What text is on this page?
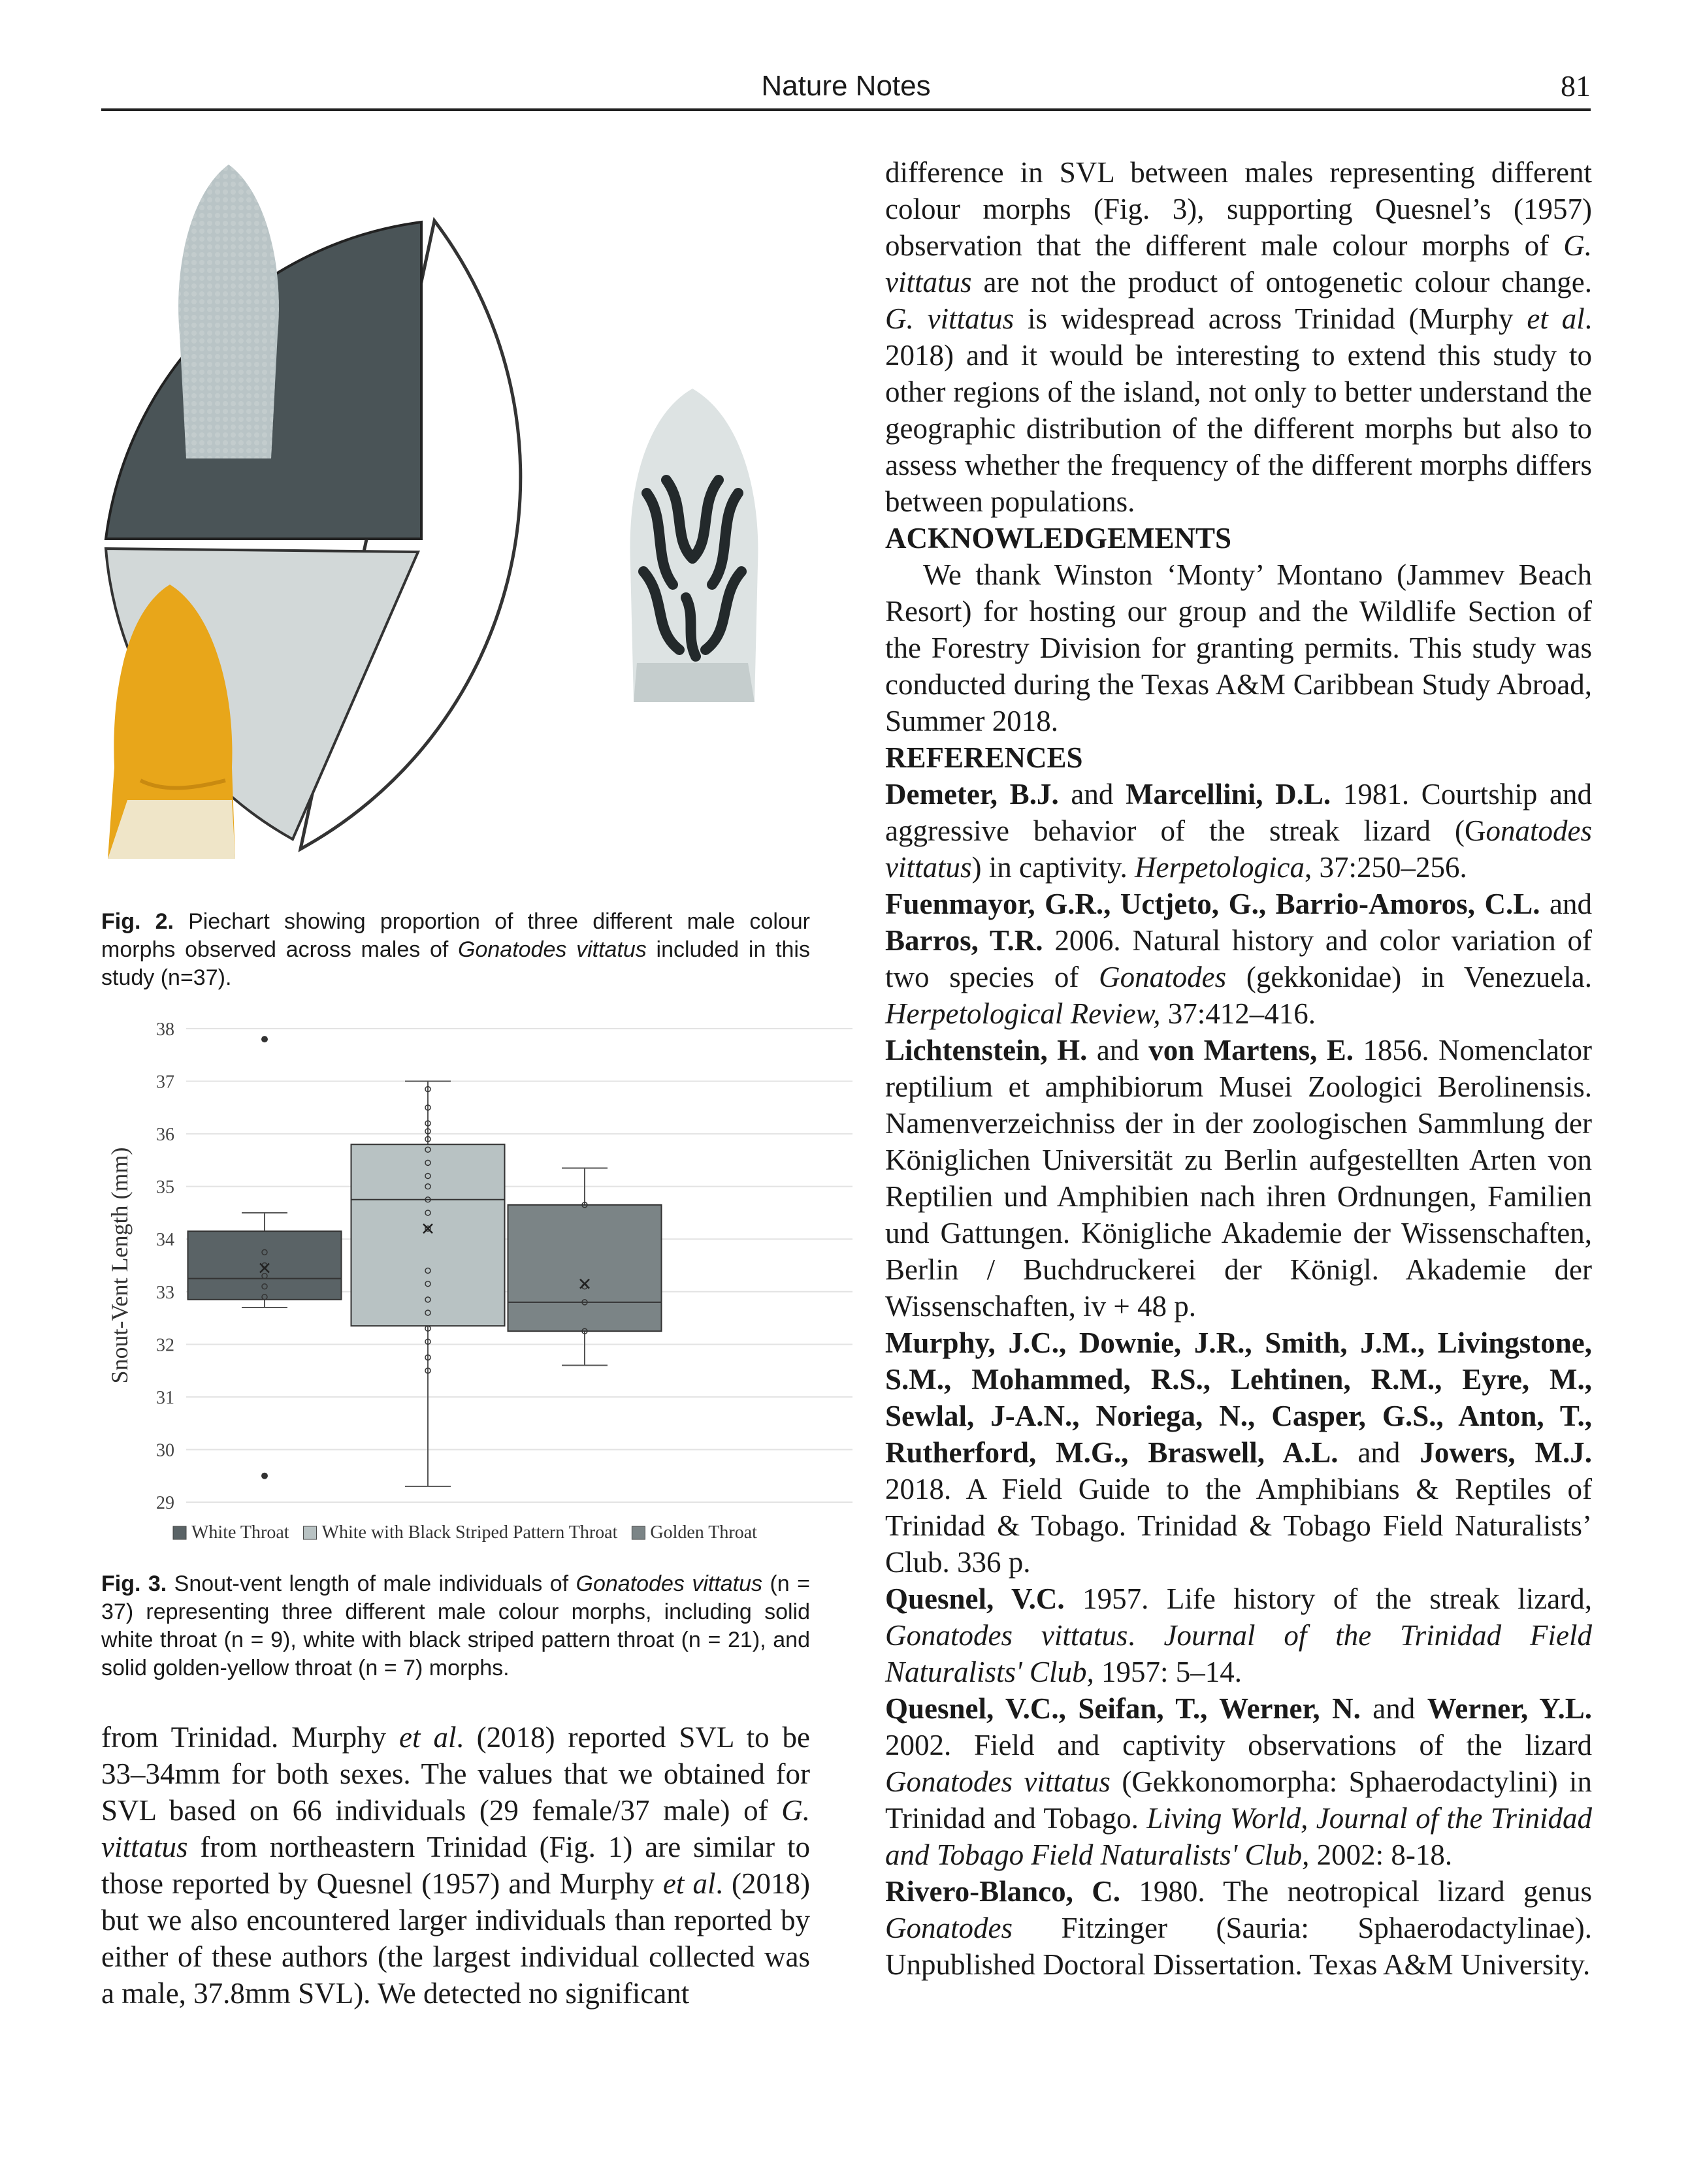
Nature Notes	81
Fig. 2. Piechart showing proportion of three different male colour morphs observed across males of Gonatodes vittatus included in this study (n=37).
29
30
31
32
33
34
35
36
37
38
Snout-Vent Length (mm)
White Throat White with Black Striped Pattern Throat Golden Throat
Fig. 3. Snout-vent length of male individuals of Gonatodes vittatus (n = 37) representing three different male colour morphs, including solid white throat (n = 9), white with black striped pattern throat (n = 21), and solid golden-yellow throat (n = 7) morphs.

from Trinidad. Murphy et al. (2018) reported SVL to be 33–34mm for both sexes. The values that we obtained for SVL based on 66 individuals (29 female/37 male) of G. vittatus from northeastern Trinidad (Fig. 1) are similar to those reported by Quesnel (1957) and Murphy et al. (2018) but we also encountered larger individuals than reported by either of these authors (the largest individual collected was a male, 37.8mm SVL). We detected no significant

difference in SVL between males representing different colour morphs (Fig. 3), supporting Quesnel’s (1957) observation that the different male colour morphs of G. vittatus are not the product of ontogenetic colour change. G. vittatus is widespread across Trinidad (Murphy et al. 2018) and it would be interesting to extend this study to other regions of the island, not only to better understand the geographic distribution of the different morphs but also to assess whether the frequency of the different morphs differs between populations.

ACKNOWLEDGEMENTS

We thank Winston ‘Monty’ Montano (Jammev Beach Resort) for hosting our group and the Wildlife Section of the Forestry Division for granting permits. This study was conducted during the Texas A&M Caribbean Study Abroad, Summer 2018.

REFERENCES

Demeter, B.J. and Marcellini, D.L. 1981. Courtship and aggressive behavior of the streak lizard (Gonatodes vittatus) in captivity. Herpetologica, 37:250–256.

Fuenmayor, G.R., Uctjeto, G., Barrio-Amoros, C.L. and Barros, T.R. 2006. Natural history and color variation of two species of Gonatodes (gekkonidae) in Venezuela. Herpetological Review, 37:412–416.

Lichtenstein, H. and von Martens, E. 1856. Nomenclator reptilium et amphibiorum Musei Zoologici Berolinensis. Namenverzeichniss der in der zoologischen Sammlung der Königlichen Universität zu Berlin aufgestellten Arten von Reptilien und Amphibien nach ihren Ordnungen, Familien und Gattungen. Königliche Akademie der Wissenschaften, Berlin / Buchdruckerei der Königl. Akademie der Wissenschaften, iv + 48 p.

Murphy, J.C., Downie, J.R., Smith, J.M., Livingstone, S.M., Mohammed, R.S., Lehtinen, R.M., Eyre, M., Sewlal, J-A.N., Noriega, N., Casper, G.S., Anton, T., Rutherford, M.G., Braswell, A.L. and Jowers, M.J. 2018. A Field Guide to the Amphibians & Reptiles of Trinidad & Tobago. Trinidad & Tobago Field Naturalists’ Club. 336 p.

Quesnel, V.C. 1957. Life history of the streak lizard, Gonatodes vittatus. Journal of the Trinidad Field Naturalists' Club, 1957: 5–14.

Quesnel, V.C., Seifan, T., Werner, N. and Werner, Y.L. 2002. Field and captivity observations of the lizard Gonatodes vittatus (Gekkonomorpha: Sphaerodactylini) in Trinidad and Tobago. Living World, Journal of the Trinidad and Tobago Field Naturalists' Club, 2002: 8-18.

Rivero-Blanco, C. 1980. The neotropical lizard genus Gonatodes Fitzinger (Sauria: Sphaerodactylinae). Unpublished Doctoral Dissertation. Texas A&M University.
